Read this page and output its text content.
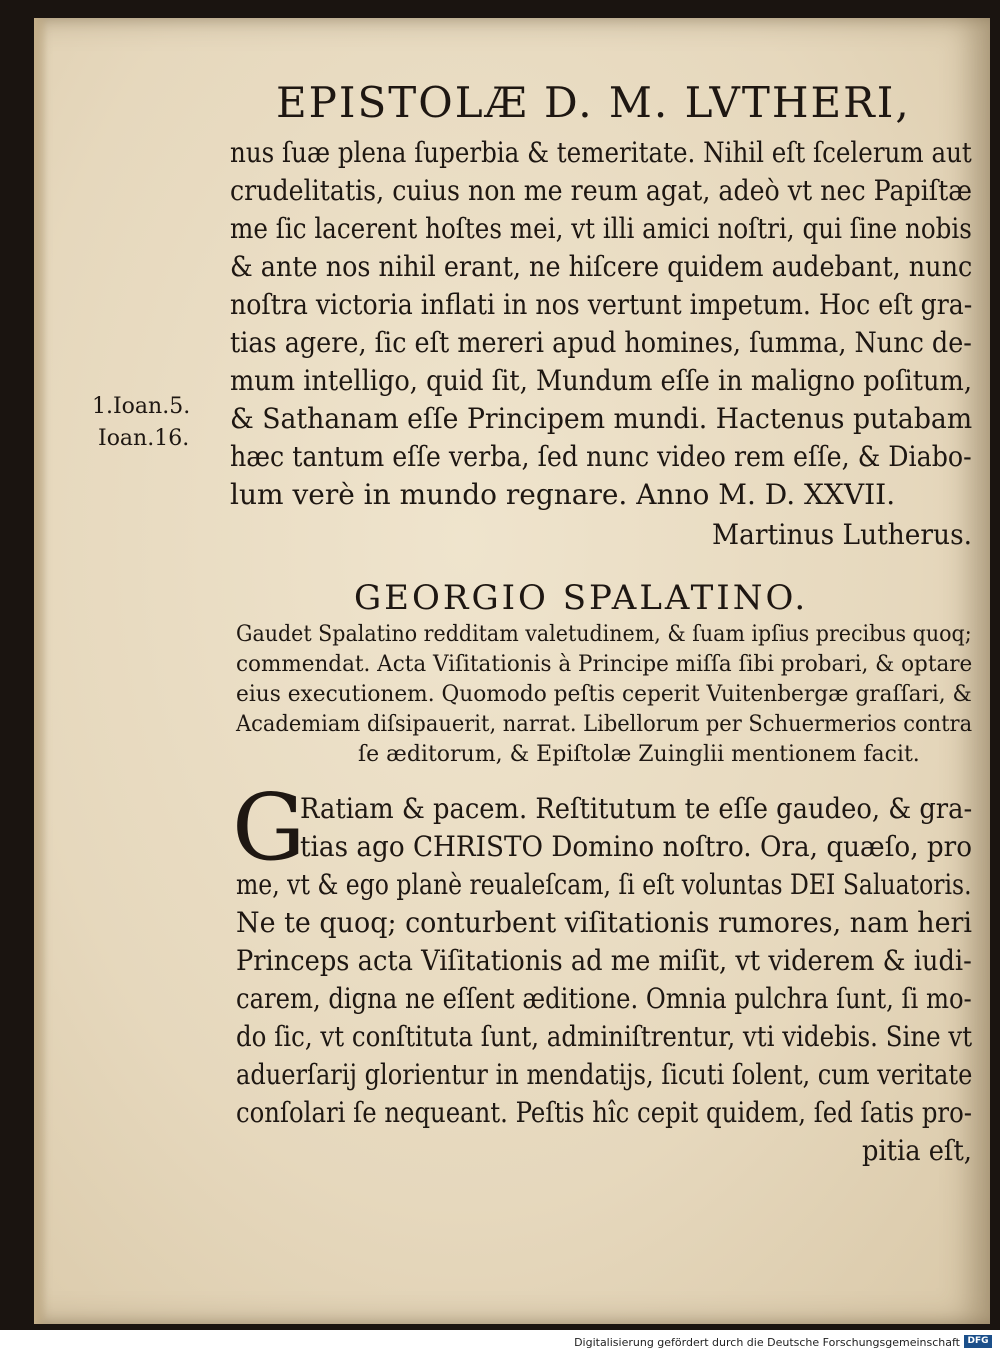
EPISTOLÆ D. M. LVTHERI,
1.Ioan.5.
Ioan.16.
nus ſuæ plena ſuperbia & temeritate. Nihil eſt ſcelerum aut
crudelitatis, cuius non me reum agat, adeò vt nec Papiſtæ
me ſic lacerent hoſtes mei, vt illi amici noſtri, qui ſine nobis
& ante nos nihil erant, ne hiſcere quidem audebant, nunc
noſtra victoria inflati in nos vertunt impetum. Hoc eſt gra-
tias agere, ſic eſt mereri apud homines, ſumma, Nunc de-
mum intelligo, quid ſit, Mundum eſſe in maligno poſitum,
& Sathanam eſſe Principem mundi. Hactenus putabam
hæc tantum eſſe verba, ſed nunc video rem eſſe, & Diabo-
lum verè in mundo regnare. Anno M. D. XXVII.
Martinus Lutherus.
GEORGIO SPALATINO.
Gaudet Spalatino redditam valetudinem, & ſuam ipſius precibus quoq;
commendat. Acta Viſitationis à Principe miſſa ſibi probari, & optare
eius executionem. Quomodo peſtis ceperit Vuitenbergæ graſſari, &
Academiam diſsipauerit, narrat. Libellorum per Schuermerios contra
ſe æditorum, & Epiſtolæ Zuinglii mentionem facit.
G
Ratiam & pacem. Reſtitutum te eſſe gaudeo, & gra-
tias ago CHRISTO Domino noſtro. Ora, quæſo, pro
me, vt & ego planè reualeſcam, ſi eſt voluntas DEI Saluatoris.
Ne te quoq; conturbent viſitationis rumores, nam heri
Princeps acta Viſitationis ad me miſit, vt viderem & iudi-
carem, digna ne eſſent æditione. Omnia pulchra ſunt, ſi mo-
do ſic, vt conſtituta ſunt, adminiſtrentur, vti videbis. Sine vt
aduerſarij glorientur in mendatijs, ſicuti ſolent, cum veritate
conſolari ſe nequeant. Peſtis hîc cepit quidem, ſed ſatis pro-
pitia eſt,
Digitalisierung gefördert durch die Deutsche Forschungsgemeinschaft DFG
